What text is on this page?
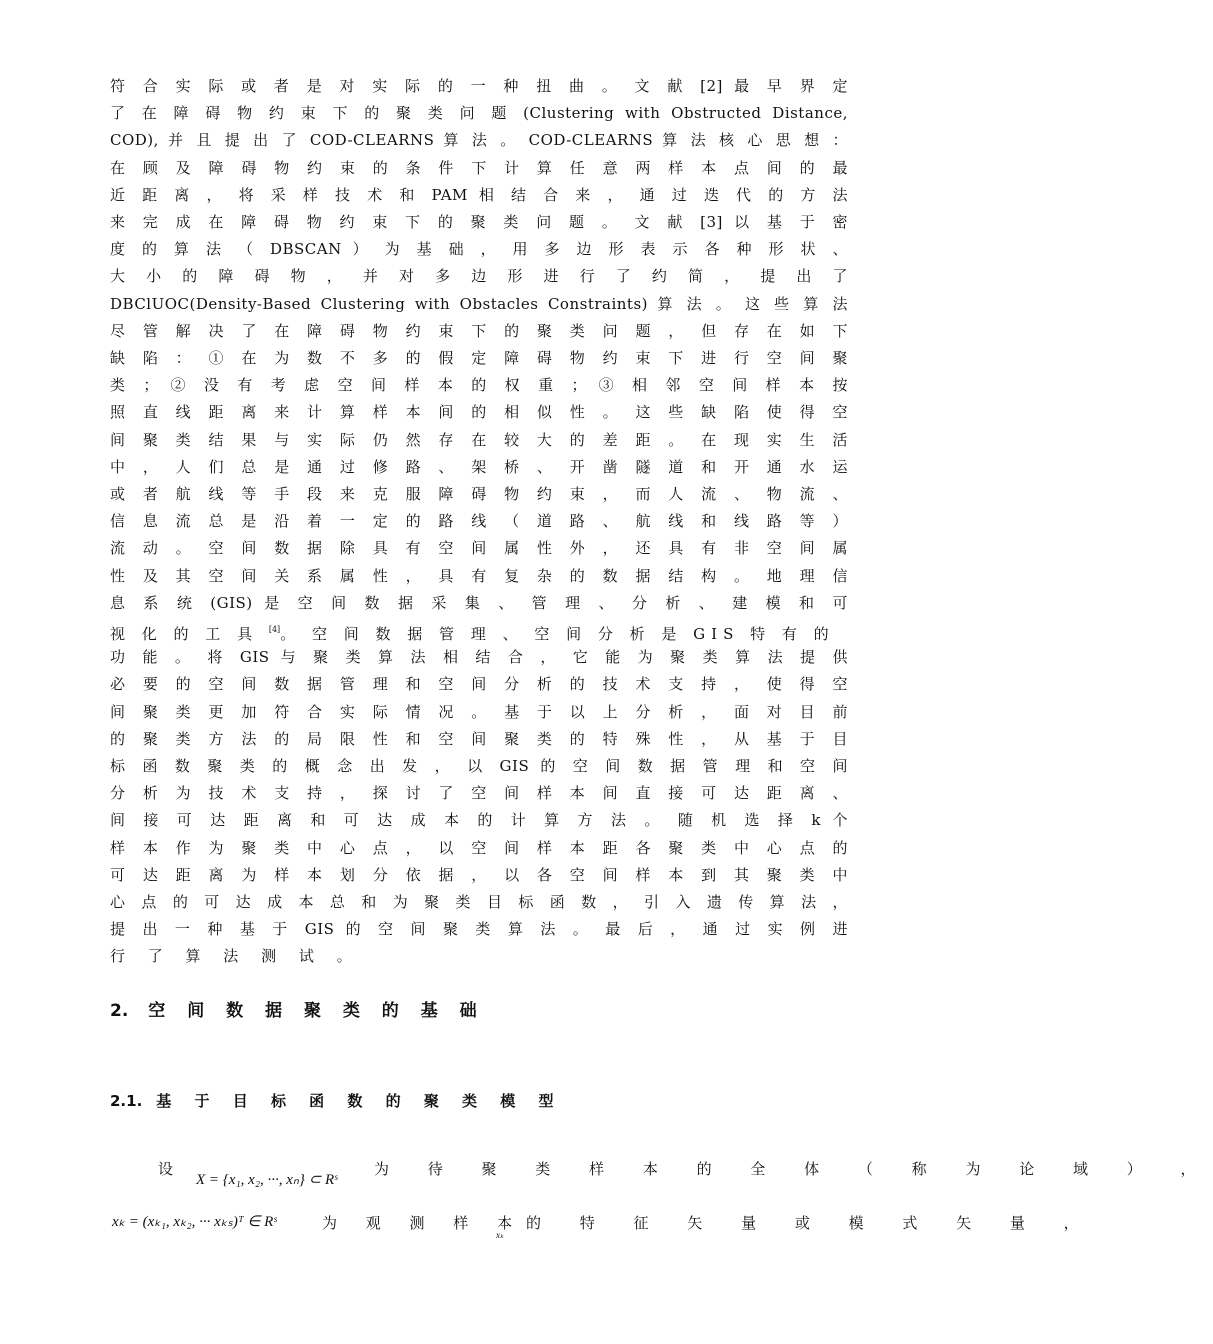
符 合 实 际 或 者 是 对 实 际 的 一 种 扭 曲 。 文 献 [2] 最 早 界 定
了 在 障 碍 物 约 束 下 的 聚 类 问 题 (Clustering with Obstructed Distance,
COD), 并 且 提 出 了 COD-CLEARNS 算 法 。 COD-CLEARNS 算 法 核 心 思 想 ：
在 顾 及 障 碍 物 约 束 的 条 件 下 计 算 任 意 两 样 本 点 间 的 最
近 距 离 ， 将 采 样 技 术 和 PAM 相 结 合 来 ， 通 过 迭 代 的 方 法
来 完 成 在 障 碍 物 约 束 下 的 聚 类 问 题 。 文 献 [3] 以 基 于 密
度 的 算 法 （ DBSCAN ） 为 基 础 ， 用 多 边 形 表 示 各 种 形 状 、
大 小 的 障 碍 物 ， 并 对 多 边 形 进 行 了 约 简 ， 提 出 了
DBClUOC(Density-Based Clustering with Obstacles Constraints) 算 法 。 这 些 算 法
尽 管 解 决 了 在 障 碍 物 约 束 下 的 聚 类 问 题 ， 但 存 在 如 下
缺 陷 ： ① 在 为 数 不 多 的 假 定 障 碍 物 约 束 下 进 行 空 间 聚
类 ； ② 没 有 考 虑 空 间 样 本 的 权 重 ； ③ 相 邻 空 间 样 本 按
照 直 线 距 离 来 计 算 样 本 间 的 相 似 性 。 这 些 缺 陷 使 得 空
间 聚 类 结 果 与 实 际 仍 然 存 在 较 大 的 差 距 。 在 现 实 生 活
中 ， 人 们 总 是 通 过 修 路 、 架 桥 、 开 凿 隧 道 和 开 通 水 运
或 者 航 线 等 手 段 来 克 服 障 碍 物 约 束 ， 而 人 流 、 物 流 、
信 息 流 总 是 沿 着 一 定 的 路 线 （ 道 路 、 航 线 和 线 路 等 ）
流 动 。 空 间 数 据 除 具 有 空 间 属 性 外 ， 还 具 有 非 空 间 属
性 及 其 空 间 关 系 属 性 ， 具 有 复 杂 的 数 据 结 构 。 地 理 信
息 系 统 (GIS) 是 空 间 数 据 采 集 、 管 理 、 分 析 、 建 模 和 可
视 化 的 工 具 [4]。 空 间 数 据 管 理 、 空 间 分 析 是 GIS 特 有 的
功 能 。 将 GIS 与 聚 类 算 法 相 结 合 ， 它 能 为 聚 类 算 法 提 供
必 要 的 空 间 数 据 管 理 和 空 间 分 析 的 技 术 支 持 ， 使 得 空
间 聚 类 更 加 符 合 实 际 情 况 。 基 于 以 上 分 析 ， 面 对 目 前
的 聚 类 方 法 的 局 限 性 和 空 间 聚 类 的 特 殊 性 ， 从 基 于 目
标 函 数 聚 类 的 概 念 出 发 ， 以 GIS 的 空 间 数 据 管 理 和 空 间
分 析 为 技 术 支 持 ， 探 讨 了 空 间 样 本 间 直 接 可 达 距 离 、
间 接 可 达 距 离 和 可 达 成 本 的 计 算 方 法 。 随 机 选 择 k 个
样 本 作 为 聚 类 中 心 点 ， 以 空 间 样 本 距 各 聚 类 中 心 点 的
可 达 距 离 为 样 本 划 分 依 据 ， 以 各 空 间 样 本 到 其 聚 类 中
心 点 的 可 达 成 本 总 和 为 聚 类 目 标 函 数 ， 引 入 遗 传 算 法 ，
提 出 一 种 基 于 GIS 的 空 间 聚 类 算 法 。 最 后 ， 通 过 实 例 进
行 了 算 法 测 试 。
2. 空 间 数 据 聚 类 的 基 础
2.1. 基 于 目 标 函 数 的 聚 类 模 型
设
X = {x₁, x₂, ···, xₙ} ⊂ Rˢ
为 待 聚 类 样 本 的 全 体 （ 称 为 论 域 ） ，
xₖ = (xₖ₁, xₖ₂, ··· xₖₛ)ᵀ ∈ Rˢ	为 观 测 样 本
xₖ
的 特 征 矢 量 或 模 式 矢 量 ，
